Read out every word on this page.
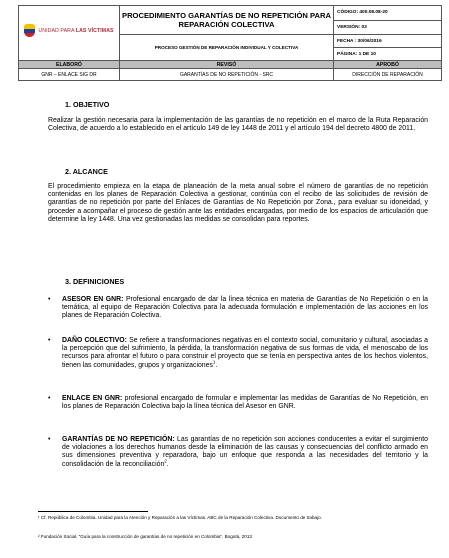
UNIDAD PARA LAS VÍCTIMAS	PROCEDIMIENTO GARANTÍAS DE NO REPETICIÓN PARA REPARACIÓN COLECTIVA	CÓDIGO: 400.08.08-20
		VERSIÓN: 02
	PROCESO GESTIÓN DE REPARACIÓN INDIVIDUAL Y COLECTIVA	FECHA : 30/06/2016
		PÁGINA: 1 DE 10
ELABORÓ	REVISÓ	APROBÓ
GNR – ENLACE SIG DR	GARANTÍAS DE NO REPETICIÓN - SRC	DIRECCIÓN DE REPARACIÓN
1. OBJETIVO
Realizar la gestión necesaria para la implementación de las garantías de no repetición en el marco de la Ruta Reparación Colectiva, de acuerdo a lo establecido en el artículo 149 de ley 1448 de 2011 y el artículo 194 del decreto 4800 de 2011.
2. ALCANCE
El procedimiento empieza en la etapa de planeación de la meta anual sobre el número de garantías de no repetición contenidas en los planes de Reparación Colectiva a gestionar, continúa con el recibo de las solicitudes de revisión de garantías de no repetición por parte del Enlaces de Garantías de No Repetición por Zona., para evaluar su idoneidad, y proceder a acompañar el proceso de gestión ante las entidades encargadas, por medio de los espacios de articulación que determine la ley 1448. Una vez gestionadas las medidas se consolidan para reportes.
3. DEFINICIONES
•	ASESOR EN GNR: Profesional encargado de dar la línea técnica en materia de Garantías de No Repetición o en la temática, al equipo de Reparación Colectiva para la adecuada formulación e implementación de las acciones en los planes de Reparación Colectiva.
•	DAÑO COLECTIVO: Se refiere a transformaciones negativas en el contexto social, comunitario y cultural, asociadas a la percepción que del sufrimiento, la pérdida, la transformación negativa de sus formas de vida, el menoscabo de los recursos para afrontar el futuro o para construir el proyecto que se tenía en perspectiva antes de los hechos violentos, tienen las comunidades, grupos y organizaciones$^1$.
•	ENLACE EN GNR: profesional encargado de formular e implementar las medidas de Garantías de No Repetición, en los planes de Reparación Colectiva bajo la línea técnica del Asesor en GNR.
•	GARANTÍAS DE NO REPETICIÓN: Las garantías de no repetición son acciones conducentes a evitar el surgimiento de violaciones a los derechos humanos desde la eliminación de las causas y consecuencias del conflicto armado en sus dimensiones preventiva y reparadora, bajo un enfoque que responda a las necesidades del territorio y la consolidación de la reconciliación$^2$.
¹ Cf. República de Colombia. Unidad para la Atención y Reparación a las Víctimas. ABC de la Reparación Colectiva. Documento de trabajo.
² Fundación Social, "Guía para la construcción de garantías de no repetición en Colombia". Bogotá, 2013
